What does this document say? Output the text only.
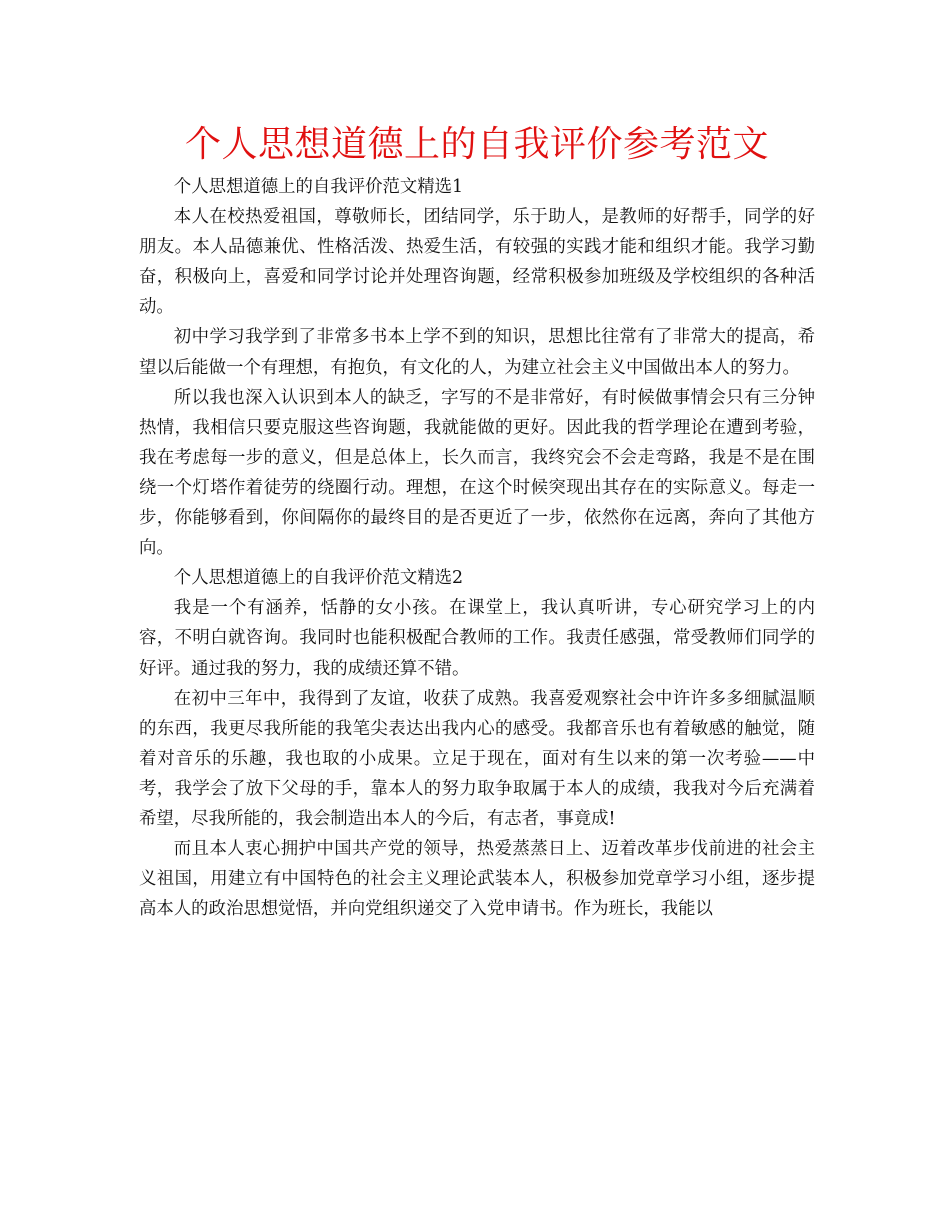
个人思想道德上的自我评价参考范文

个人思想道德上的自我评价范文精选1

本人在校热爱祖国，尊敬师长，团结同学，乐于助人，是教师的好帮手，同学的好朋友。本人品德兼优、性格活泼、热爱生活，有较强的实践才能和组织才能。我学习勤奋，积极向上，喜爱和同学讨论并处理咨询题，经常积极参加班级及学校组织的各种活动。

初中学习我学到了非常多书本上学不到的知识，思想比往常有了非常大的提高，希望以后能做一个有理想，有抱负，有文化的人，为建立社会主义中国做出本人的努力。

所以我也深入认识到本人的缺乏，字写的不是非常好，有时候做事情会只有三分钟热情，我相信只要克服这些咨询题，我就能做的更好。因此我的哲学理论在遭到考验，我在考虑每一步的意义，但是总体上，长久而言，我终究会不会走弯路，我是不是在围绕一个灯塔作着徒劳的绕圈行动。理想，在这个时候突现出其存在的实际意义。每走一步，你能够看到，你间隔你的最终目的是否更近了一步，依然你在远离，奔向了其他方向。

个人思想道德上的自我评价范文精选2

我是一个有涵养，恬静的女小孩。在课堂上，我认真听讲，专心研究学习上的内容，不明白就咨询。我同时也能积极配合教师的工作。我责任感强，常受教师们同学的好评。通过我的努力，我的成绩还算不错。

在初中三年中，我得到了友谊，收获了成熟。我喜爱观察社会中许许多多细腻温顺的东西，我更尽我所能的我笔尖表达出我内心的感受。我都音乐也有着敏感的触觉，随着对音乐的乐趣，我也取的小成果。立足于现在，面对有生以来的第一次考验——中考，我学会了放下父母的手，靠本人的努力取争取属于本人的成绩，我我对今后充满着希望，尽我所能的，我会制造出本人的今后，有志者，事竟成!

而且本人衷心拥护中国共产党的领导，热爱蒸蒸日上、迈着改革步伐前进的社会主义祖国，用建立有中国特色的社会主义理论武装本人，积极参加党章学习小组，逐步提高本人的政治思想觉悟，并向党组织递交了入党申请书。作为班长，我能以
